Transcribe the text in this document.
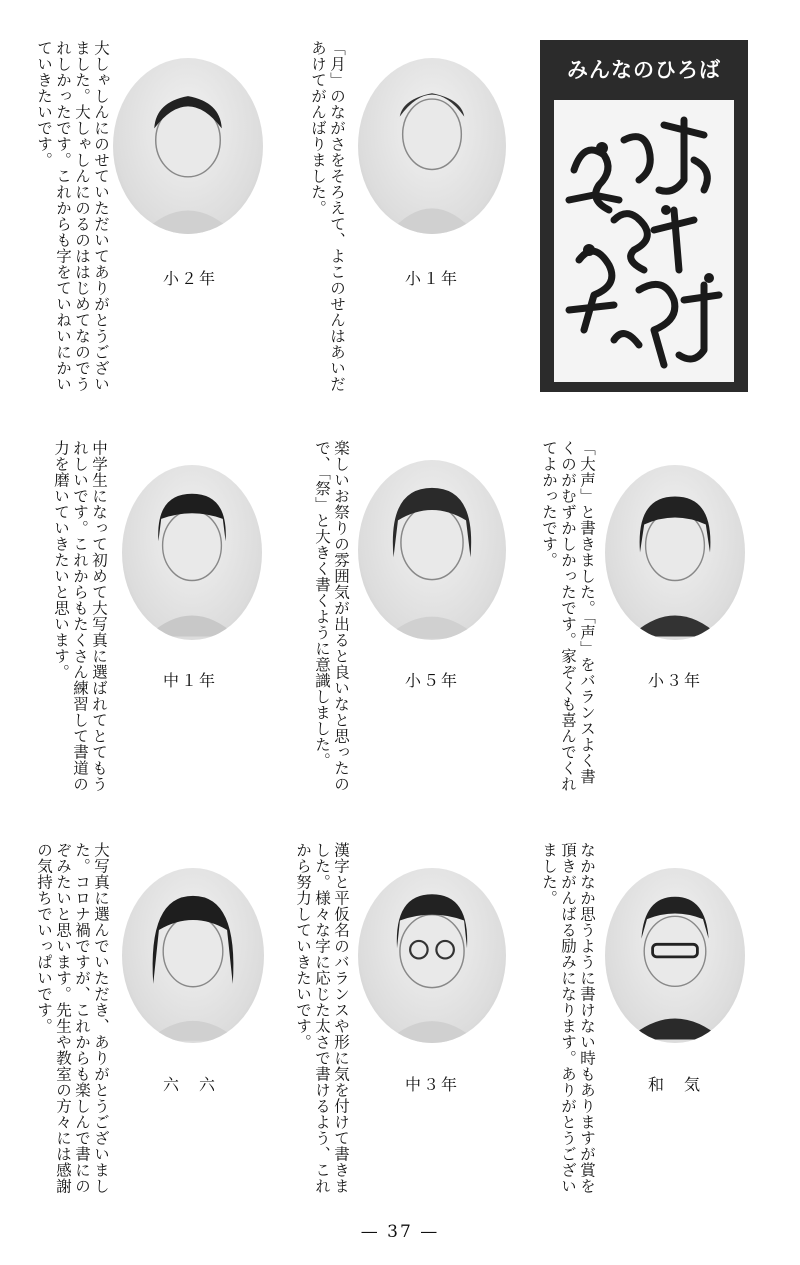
みんなのひろば
小１年
「月」のながさをそろえて、よこのせんはあいだあけてがんばりました。
小２年
大しゃしんにのせていただいてありがとうございました。大しゃしんにのるのははじめてなのでうれしかったです。これからも字をていねいにかいていきたいです。
小３年
「大声」と書きました。「声」をバランスよく書くのがむずかしかったです。家ぞくも喜んでくれてよかったです。
小５年
楽しいお祭りの雰囲気が出ると良いなと思ったので、「祭」と大きく書くように意識しました。
中１年
中学生になって初めて大写真に選ばれてとてもうれしいです。これからもたくさん練習して書道の力を磨いていきたいと思います。
和　気
なかなか思うように書けない時もありますが賞を頂きがんばる励みになります。ありがとうございました。
中３年
漢字と平仮名のバランスや形に気を付けて書きました。様々な字に応じた太さで書けるよう、これから努力していきたいです。
六　六
大写真に選んでいただき、ありがとうございました。コロナ禍ですが、これからも楽しんで書にのぞみたいと思います。先生や教室の方々には感謝の気持ちでいっぱいです。
— 37 —
